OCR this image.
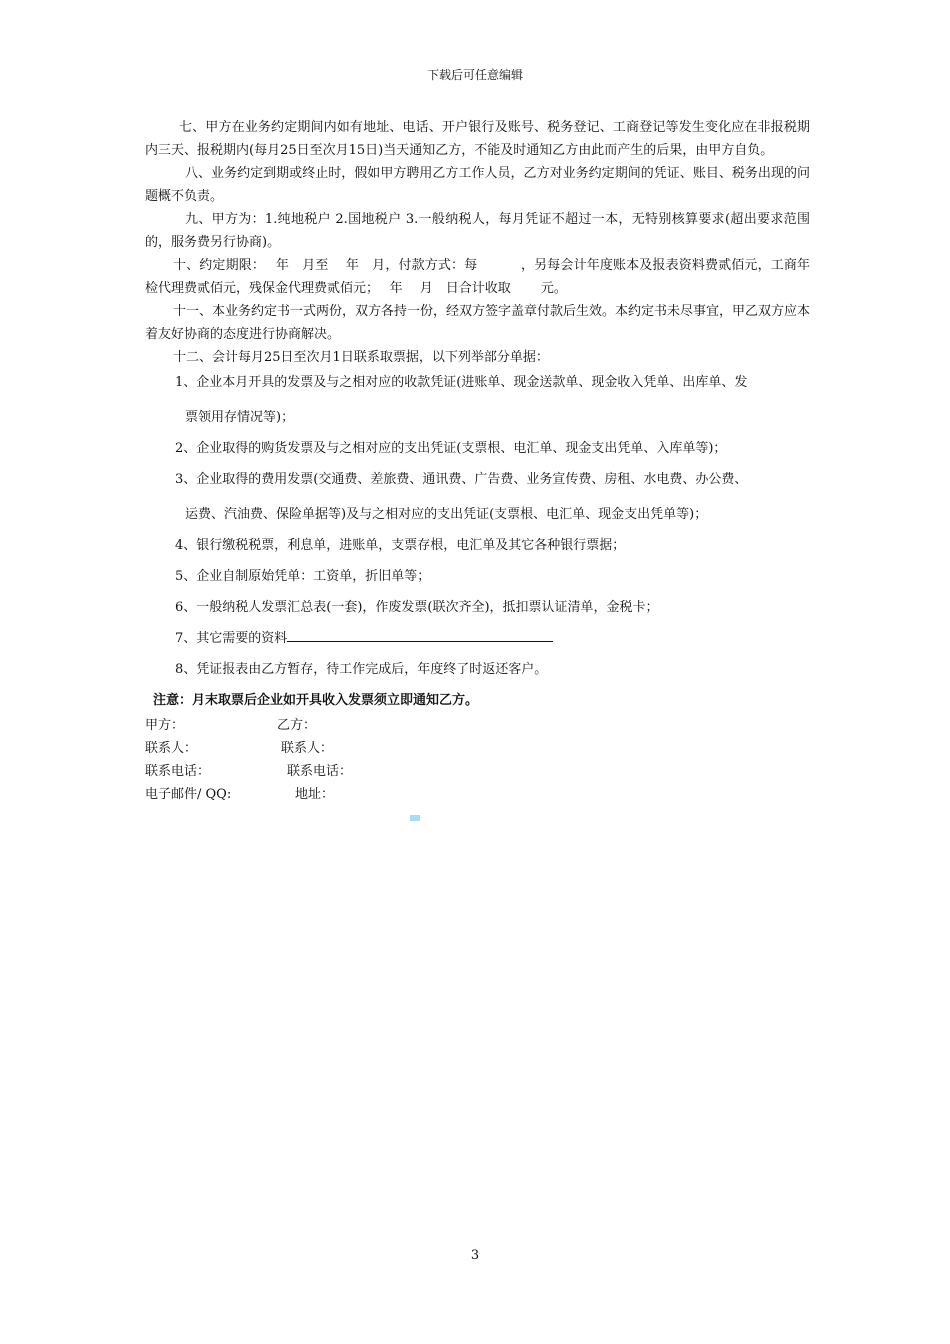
下载后可任意编辑

七、甲方在业务约定期间内如有地址、电话、开户银行及账号、税务登记、工商登记等发生变化应在非报税期内三天、报税期内(每月25日至次月15日)当天通知乙方，不能及时通知乙方由此而产生的后果，由甲方自负。

八、业务约定到期或终止时，假如甲方聘用乙方工作人员，乙方对业务约定期间的凭证、账目、税务出现的问题概不负责。

九、甲方为：1.纯地税户 2.国地税户 3.一般纳税人，每月凭证不超过一本，无特别核算要求(超出要求范围的，服务费另行协商)。

十、约定期限：　 年　月至　 年　月，付款方式：每　　　 ，另每会计年度账本及报表资料费贰佰元，工商年检代理费贰佰元，残保金代理费贰佰元；　 年　 月　日合计收取　　 元。

十一、本业务约定书一式两份，双方各持一份，经双方签字盖章付款后生效。本约定书未尽事宜，甲乙双方应本着友好协商的态度进行协商解决。

十二、会计每月25日至次月1日联系取票据，以下列举部分单据：

1、企业本月开具的发票及与之相对应的收款凭证(进账单、现金送款单、现金收入凭单、出库单、发
票领用存情况等)；
2、企业取得的购货发票及与之相对应的支出凭证(支票根、电汇单、现金支出凭单、入库单等)；
3、企业取得的费用发票(交通费、差旅费、通讯费、广告费、业务宣传费、房租、水电费、办公费、
运费、汽油费、保险单据等)及与之相对应的支出凭证(支票根、电汇单、现金支出凭单等)；
4、银行缴税税票，利息单，进账单，支票存根，电汇单及其它各种银行票据；
5、企业自制原始凭单：工资单，折旧单等；
6、一般纳税人发票汇总表(一套)，作废发票(联次齐全)，抵扣票认证清单，金税卡；
7、其它需要的资料
8、凭证报表由乙方暂存，待工作完成后，年度终了时返还客户。
注意：月末取票后企业如开具收入发票须立即通知乙方。
甲方：	乙方：
联系人：	联系人：
联系电话：	联系电话：
电子邮件/ QQ:	地址：
3
